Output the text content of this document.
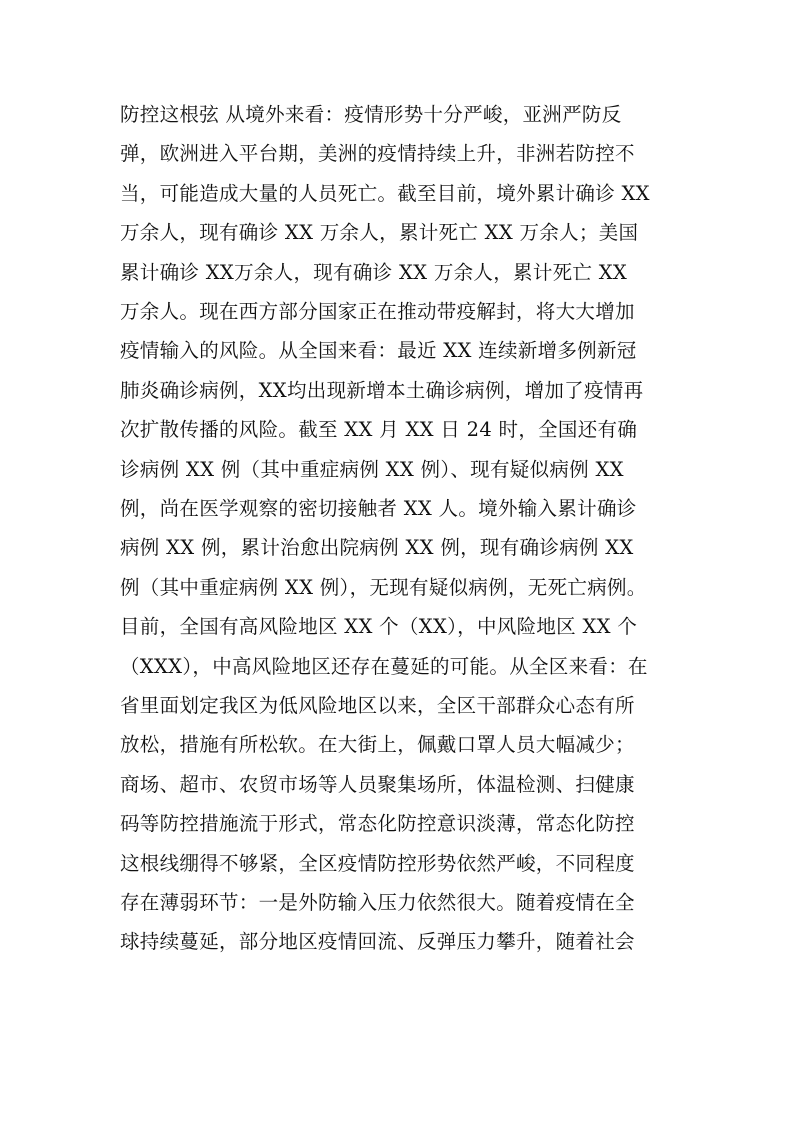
防控这根弦 从境外来看：疫情形势十分严峻，亚洲严防反
弹，欧洲进入平台期，美洲的疫情持续上升，非洲若防控不
当，可能造成大量的人员死亡。截至目前，境外累计确诊 XX
万余人，现有确诊 XX 万余人，累计死亡 XX 万余人；美国
累计确诊 XX万余人，现有确诊 XX 万余人，累计死亡 XX
万余人。现在西方部分国家正在推动带疫解封，将大大增加
疫情输入的风险。从全国来看：最近 XX 连续新增多例新冠
肺炎确诊病例，XX均出现新增本土确诊病例，增加了疫情再
次扩散传播的风险。截至 XX 月 XX 日 24 时，全国还有确
诊病例 XX 例（其中重症病例 XX 例）、现有疑似病例 XX
例，尚在医学观察的密切接触者 XX 人。境外输入累计确诊
病例 XX 例，累计治愈出院病例 XX 例，现有确诊病例 XX
例（其中重症病例 XX 例），无现有疑似病例，无死亡病例。
目前，全国有高风险地区 XX 个（XX），中风险地区 XX 个
（XXX），中高风险地区还存在蔓延的可能。从全区来看：在
省里面划定我区为低风险地区以来，全区干部群众心态有所
放松，措施有所松软。在大街上，佩戴口罩人员大幅减少；
商场、超市、农贸市场等人员聚集场所，体温检测、扫健康
码等防控措施流于形式，常态化防控意识淡薄，常态化防控
这根线绷得不够紧，全区疫情防控形势依然严峻，不同程度
存在薄弱环节：一是外防输入压力依然很大。随着疫情在全
球持续蔓延，部分地区疫情回流、反弹压力攀升，随着社会
